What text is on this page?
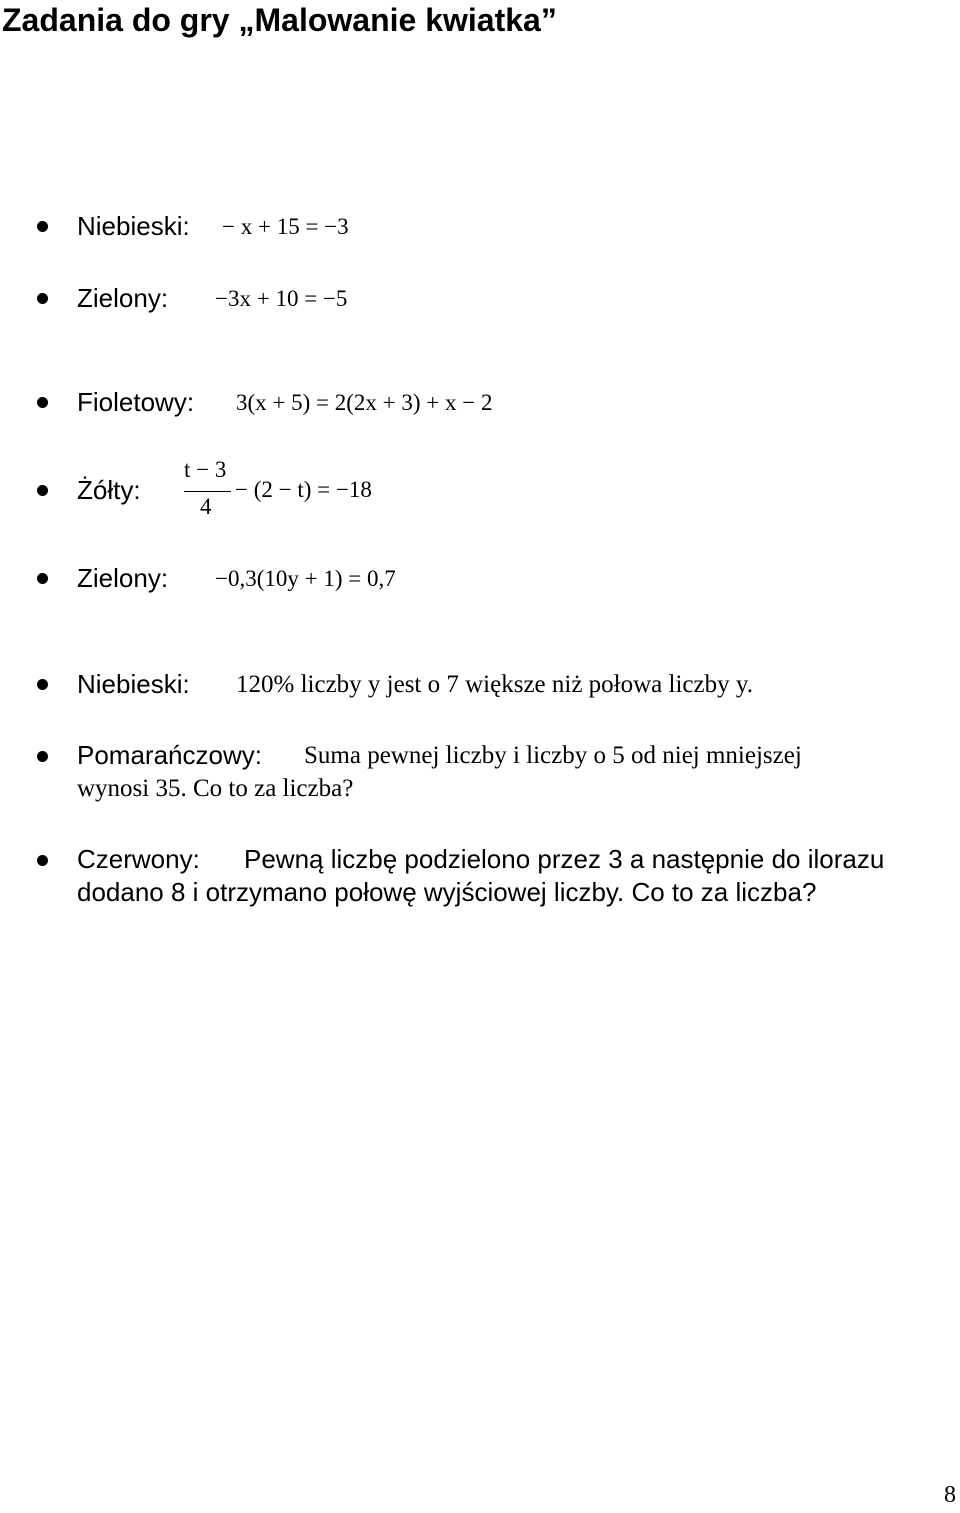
Zadania do gry „Malowanie kwiatka”
Niebieski: − x + 15 = −3
Zielony: −3x + 10 = −5
Fioletowy: 3(x + 5) = 2(2x + 3) + x − 2
Żółty:
t − 3
4
− (2 − t) = −18
Zielony: −0,3(10y + 1) = 0,7
Niebieski: 120% liczby y jest o 7 większe niż połowa liczby y.
Pomarańczowy: Suma pewnej liczby i liczby o 5 od niej mniejszej
wynosi 35. Co to za liczba?
Czerwony: Pewną liczbę podzielono przez 3 a następnie do ilorazu
dodano 8 i otrzymano połowę wyjściowej liczby. Co to za liczba?
8
